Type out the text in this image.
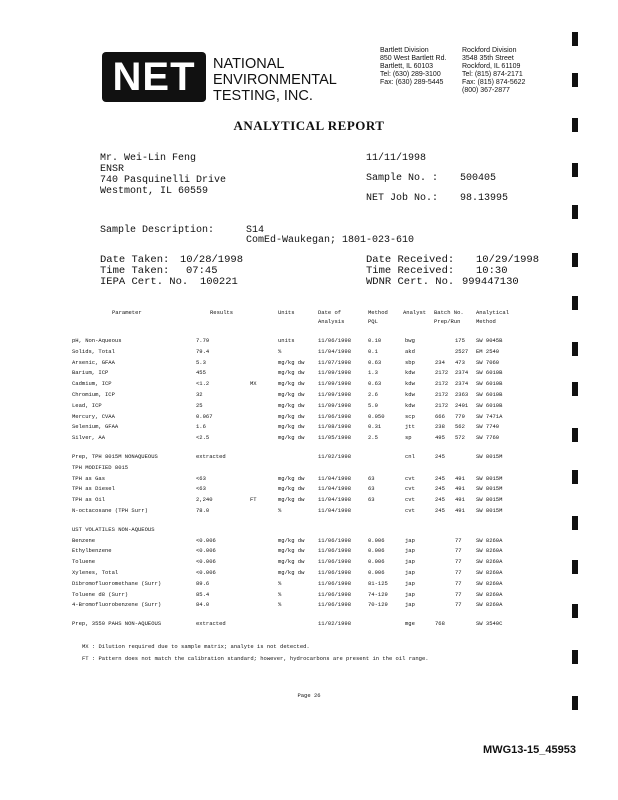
NET	NATIONAL
ENVIRONMENTAL
TESTING, INC.
®
Bartlett Division
850 West Bartlett Rd.
Bartlett, IL 60103
Tel: (630) 289-3100
Fax: (630) 289-5445
Rockford Division
3548 35th Street
Rockford, IL 61109
Tel: (815) 874-2171
Fax: (815) 874-5622
(800) 367-2877
ANALYTICAL REPORT
Mr. Wei-Lin Feng
ENSR
740 Pasquinelli Drive
Westmont, IL 60559
11/11/1998
Sample No. : 500405
NET Job No.: 98.13995
Sample Description:	S14
ComEd-Waukegan; 1801-023-610
Date Taken: 10/28/1998
Time Taken: 07:45
IEPA Cert. No. 100221
Date Received: 10/29/1998
Time Received: 10:30
WDNR Cert. No. 999447130
Parameter	Results	Units	Date of
Analysis
Method
PQL
Analyst Batch No.
Prep/Run
Analytical
Method
pH, Non-Aqueous	7.79	units	11/06/1998	0.10	bwg	175 SW 9045B
Solids, Total	79.4	%	11/04/1998	0.1	akd	2527 EM 2540
Arsenic, GFAA	5.3	mg/kg dw 11/07/1998	0.63	sbp	234 473 SW 7060
Barium, ICP	455	mg/kg dw 11/09/1998	1.3	kdw	2172 2374 SW 6010B
Cadmium, ICP	<1.2	MX	mg/kg dw 11/09/1998	0.63	kdw	2172 2374 SW 6010B
Chromium, ICP	32	mg/kg dw 11/09/1998	2.6	kdw	2172 2363 SW 6010B
Lead, ICP	25	mg/kg dw 11/09/1998	5.0	kdw	2172 2401 SW 6010B
Mercury, CVAA	0.067	mg/kg dw 11/06/1998	0.050	scp	666 779 SW 7471A
Selenium, GFAA	1.6	mg/kg dw 11/08/1998	0.31	jtt	238 562 SW 7740
Silver, AA	<2.5	mg/kg dw 11/05/1998	2.5	sp	495 572 SW 7760
Prep, TPH 8015M NONAQUEOUS	extracted	11/02/1998	cnl	245	SW 8015M
TPH MODIFIED 8015
TPH as Gas	<63	mg/kg dw 11/04/1998	63	cvt	245 491 SW 8015M
TPH as Diesel	<63	mg/kg dw 11/04/1998	63	cvt	245 491 SW 8015M
TPH as Oil	2,240	FT	mg/kg dw 11/04/1998	63	cvt	245 491 SW 8015M
N-octacosane (TPH Surr)	78.0	%	11/04/1998	cvt	245 491 SW 8015M
UST VOLATILES NON-AQUEOUS
Benzene	<0.006	mg/kg dw 11/06/1998	0.006	jap	77	SW 8260A
Ethylbenzene	<0.006	mg/kg dw 11/06/1998	0.006	jap	77	SW 8260A
Toluene	<0.006	mg/kg dw 11/06/1998	0.006	jap	77	SW 8260A
Xylenes, Total	<0.006	mg/kg dw 11/06/1998	0.006	jap	77	SW 8260A
Dibromofluoromethane (Surr)	89.6	%	11/06/1998	81-125	jap	77	SW 8260A
Toluene d8 (Surr)	85.4	%	11/06/1998	74-129	jap	77	SW 8260A
4-Bromofluorobenzene (Surr)	84.0	%	11/06/1998	70-129	jap	77	SW 8260A
Prep, 3550 PAHS NON-AQUEOUS	extracted	11/02/1998	mge	768	SW 3540C
MX : Dilution required due to sample matrix; analyte is not detected.
FT : Pattern does not match the calibration standard; however, hydrocarbons are present in the oil range.
Page 26
MWG13-15_45953
